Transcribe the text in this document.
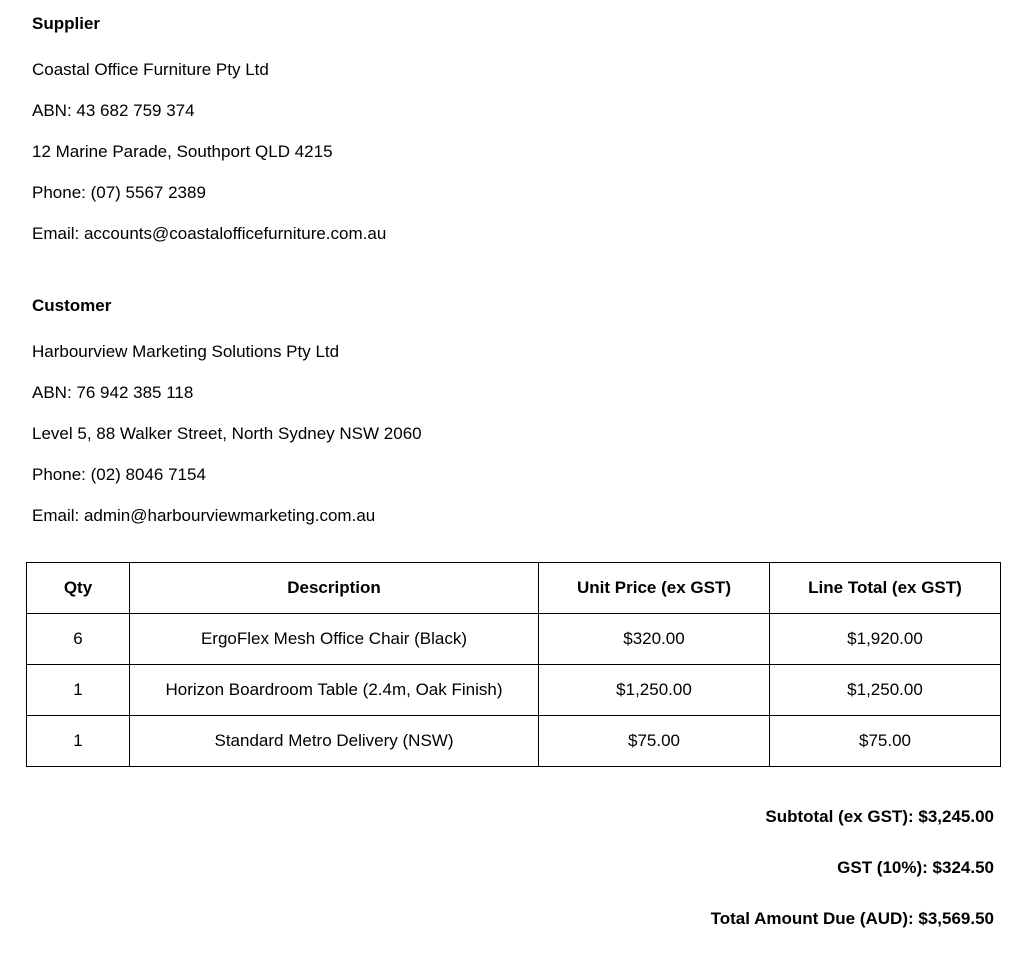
Supplier

Coastal Office Furniture Pty Ltd

ABN: 43 682 759 374

12 Marine Parade, Southport QLD 4215

Phone: (07) 5567 2389

Email: accounts@coastalofficefurniture.com.au

Customer

Harbourview Marketing Solutions Pty Ltd

ABN: 76 942 385 118

Level 5, 88 Walker Street, North Sydney NSW 2060

Phone: (02) 8046 7154

Email: admin@harbourviewmarketing.com.au

Qty	Description	Unit Price (ex GST)	Line Total (ex GST)
6	ErgoFlex Mesh Office Chair (Black)	$320.00	$1,920.00
1	Horizon Boardroom Table (2.4m, Oak Finish)	$1,250.00	$1,250.00
1	Standard Metro Delivery (NSW)	$75.00	$75.00

Subtotal (ex GST): $3,245.00

GST (10%): $324.50

Total Amount Due (AUD): $3,569.50
